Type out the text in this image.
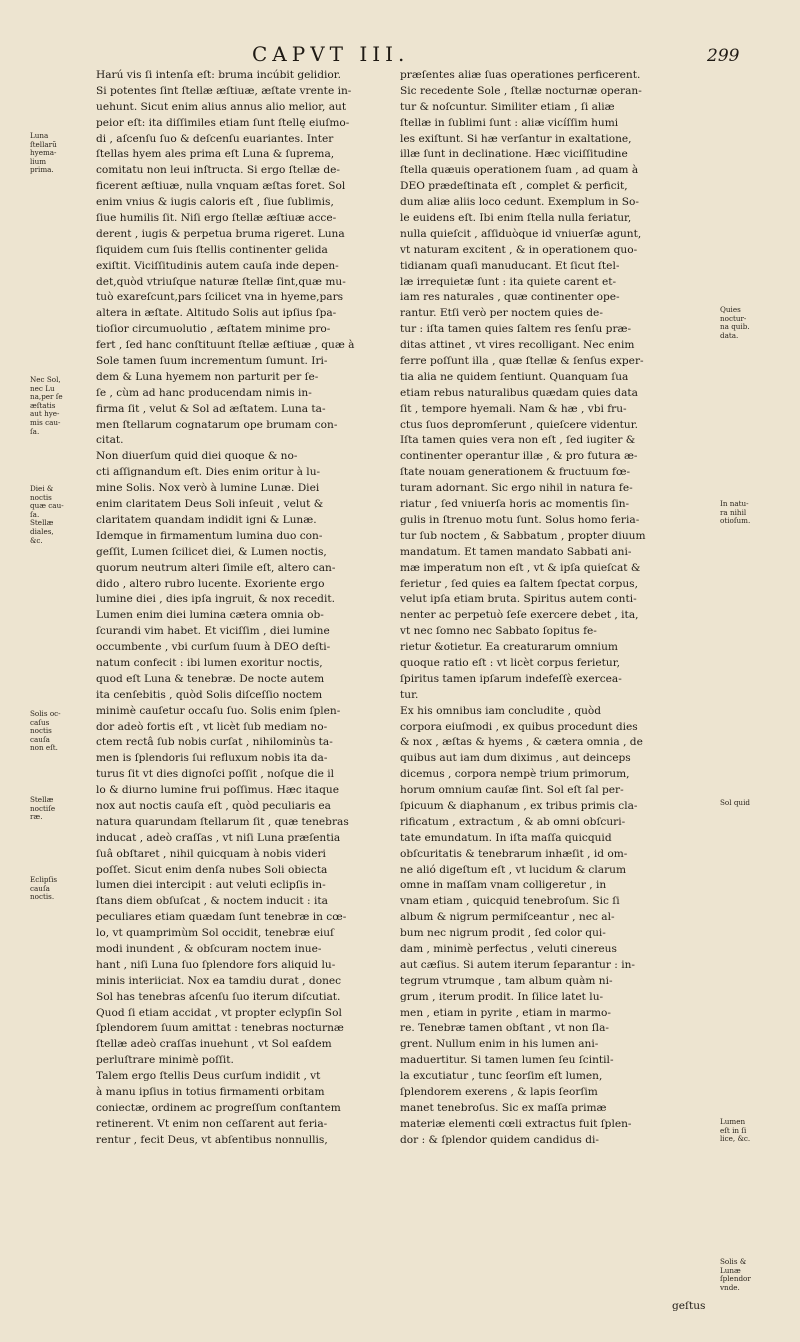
CAPVT III.	299
Harú vis ſi intenſa eſt: bruma incúbit gelidior.
Si potentes ſint ſtellæ æſtiuæ, æſtate vrente in-
uehunt. Sicut enim alius annus alio melior, aut
peior eſt: ita diſſimiles etiam ſunt ſtellę eiuſmo-
di , aſcenſu ſuo & deſcenſu euariantes. Inter
ſtellas hyem ales prima eſt Luna & ſuprema,
comitatu non leui inſtructa. Si ergo ſtellæ de-
ficerent æſtiuæ, nulla vnquam æſtas foret. Sol
enim vnius & iugis caloris eſt , ſiue ſublimis,
ſiue humilis ſit. Niſi ergo ſtellæ æſtiuæ acce-
derent , iugis & perpetua bruma rigeret. Luna
ſiquidem cum ſuis ſtellis continenter gelida
exiſtit. Viciſſitudinis autem cauſa inde depen-
det,quòd vtriuſque naturæ ſtellæ ſint,quæ mu-
tuò exareſcunt,pars ſcilicet vna in hyeme,pars
altera in æſtate. Altitudo Solis aut ipſius ſpa-
tioſior circumuolutio , æſtatem minime pro-
fert , ſed hanc conſtituunt ſtellæ æſtiuæ , quæ à
Sole tamen ſuum incrementum ſumunt. Iri-
dem & Luna hyemem non parturit per ſe-
ſe , cùm ad hanc producendam nimis in-
firma ſit , velut & Sol ad æſtatem. Luna ta-
men ſtellarum cognatarum ope brumam con-
citat.
Non diuerſum quid diei quoque & no-
cti aſſignandum eſt. Dies enim oritur à lu-
mine Solis. Nox verò à lumine Lunæ. Diei
enim claritatem Deus Soli inſeuit , velut &
claritatem quandam indidit igni & Lunæ.
Idemque in firmamentum lumina duo con-
geſſit, Lumen ſcilicet diei, & Lumen noctis,
quorum neutrum alteri ſimile eſt, altero can-
dido , altero rubro lucente. Exoriente ergo
lumine diei , dies ipſa ingruit, & nox recedit.
Lumen enim diei lumina cætera omnia ob-
ſcurandi vim habet. Et viciſſim , diei lumine
occumbente , vbi curſum ſuum à DEO deſti-
natum confecit : ibi lumen exoritur noctis,
quod eſt Luna & tenebræ. De nocte autem
ita cenſebitis , quòd Solis diſceſſio noctem
minimè cauſetur occaſu ſuo. Solis enim ſplen-
dor adeò fortis eſt , vt licèt ſub mediam no-
ctem rectâ ſub nobis curſat , nihilominùs ta-
men is ſplendoris ſui refluxum nobis ita da-
turus ſit vt dies dignoſci poſſit , noſque die il
lo & diurno lumine frui poſſimus. Hæc itaque
nox aut noctis cauſa eſt , quòd peculiaris ea
natura quarundam ſtellarum ſit , quæ tenebras
inducat , adeò craſſas , vt niſi Luna præſentia
ſuâ obſtaret , nihil quicquam à nobis videri
poſſet. Sicut enim denſa nubes Soli obiecta
lumen diei intercipit : aut veluti eclipſis in-
ſtans diem obſuſcat , & noctem inducit : ita
peculiares etiam quædam ſunt tenebræ in cœ-
lo, vt quamprimùm Sol occidit, tenebræ eiuſ
modi inundent , & obſcuram noctem inue-
hant , niſi Luna ſuo ſplendore fors aliquid lu-
minis interiiciat. Nox ea tamdiu durat , donec
Sol has tenebras aſcenſu ſuo iterum diſcutiat.
Quod ſi etiam accidat , vt propter eclypſin Sol
ſplendorem ſuum amittat : tenebras nocturnæ
ſtellæ adeò craſſas inuehunt , vt Sol eaſdem
perluſtrare minimè poſſit.
Talem ergo ſtellis Deus curſum indidit , vt
à manu ipſius in totius firmamenti orbitam
coniectæ, ordinem ac progreſſum conſtantem
retinerent. Vt enim non ceſſarent aut feria-
rentur , fecit Deus, vt abſentibus nonnullis,
præſentes aliæ ſuas operationes perficerent.
Sic recedente Sole , ſtellæ nocturnæ operan-
tur & noſcuntur. Similiter etiam , ſi aliæ
ſtellæ in ſublimi ſunt : aliæ vicíſſim humi
les exiſtunt. Si hæ verſantur in exaltatione,
illæ ſunt in declinatione. Hæc viciſſitudine
ſtella quæuis operationem ſuam , ad quam à
DEO prædeſtinata eſt , complet & perficit,
dum aliæ aliis loco cedunt. Exemplum in So-
le euidens eſt. Ibi enim ſtella nulla feriatur,
nulla quieſcit , aſſiduòque id vniuerſæ agunt,
vt naturam excitent , & in operationem quo-
tidianam quaſi manuducant. Et ſicut ſtel-
læ irrequietæ ſunt : ita quiete carent et-
iam res naturales , quæ continenter ope-
rantur. Etſi verò per noctem quies de-
tur : iſta tamen quies ſaltem res ſenſu præ-
ditas attinet , vt vires recolligant. Nec enim
ferre poſſunt illa , quæ ſtellæ & ſenſus exper-
tia alia ne quidem ſentiunt. Quanquam ſua
etiam rebus naturalibus quædam quies data
ſit , tempore hyemali. Nam & hæ , vbi fru-
ctus ſuos depromſerunt , quieſcere videntur.
Iſta tamen quies vera non eſt , ſed iugiter &
continenter operantur illæ , & pro futura æ-
ſtate nouam generationem & fructuum fœ-
turam adornant. Sic ergo nihil in natura fe-
riatur , ſed vniuerſa horis ac momentis ſin-
gulis in ſtrenuo motu ſunt. Solus homo feria-
tur ſub noctem , & Sabbatum , propter diuum
mandatum. Et tamen mandato Sabbati ani-
mæ imperatum non eſt , vt & ipſa quieſcat &
ferietur , ſed quies ea ſaltem ſpectat corpus,
velut ipſa etiam bruta. Spiritus autem conti-
nenter ac perpetuò ſeſe exercere debet , ita,
vt nec ſomno nec Sabbato ſopitus fe-
rietur &otietur. Ea creaturarum omnium
quoque ratio eſt : vt licèt corpus ferietur,
ſpiritus tamen ipſarum indefeſſè exercea-
tur.
Ex his omnibus iam concludite , quòd
corpora eiuſmodi , ex quibus procedunt dies
& nox , æſtas & hyems , & cætera omnia , de
quibus aut iam dum diximus , aut deinceps
dicemus , corpora nempè trium primorum,
horum omnium cauſæ ſint. Sol eſt ſal per-
ſpicuum & diaphanum , ex tribus primis cla-
rificatum , extractum , & ab omni obſcuri-
tate emundatum. In iſta maſſa quicquid
obſcuritatis & tenebrarum inhæſit , id om-
ne alió digeſtum eſt , vt lucidum & clarum
omne in maſſam vnam colligeretur , in
vnam etiam , quicquid tenebroſum. Sic ſi
album & nigrum permiſceantur , nec al-
bum nec nigrum prodit , ſed color qui-
dam , minimè perfectus , veluti cinereus
aut cæſius. Si autem iterum ſeparantur : in-
tegrum vtrumque , tam album quàm ni-
grum , iterum prodit. In ſilice latet lu-
men , etiam in pyrite , etiam in marmo-
re. Tenebræ tamen obſtant , vt non ſla-
grent. Nullum enim in his lumen ani-
maduertitur. Si tamen lumen ſeu ſcintil-
la excutiatur , tunc ſeorſim eſt lumen,
ſplendorem exerens , & lapis ſeorſim
manet tenebroſus. Sic ex maſſa primæ
materiæ elementi cœli extractus fuit ſplen-
dor : & ſplendor quidem candidus di-
Luna
ſtellarũ
hyema-
lium
prima.
Nec Sol,
nec Lu
na,per ſe
æſtatis
aut hye-
mis cau-
ſa.
Diei &
noctis
quæ cau-
ſa.
Stellæ
diales,
&c.
Solis oc-
caſus
noctis
cauſa
non eſt.
Stellæ
noctiſe
ræ.
Eclipſis
cauſa
noctis.
Quies
noctur-
na quib.
data.
In natu-
ra nihil
otioſum.
Sol quid
Lumen
eſt in ſi
lice, &c.
Solis &
Lunæ
ſplendor
vnde.
geſtus
